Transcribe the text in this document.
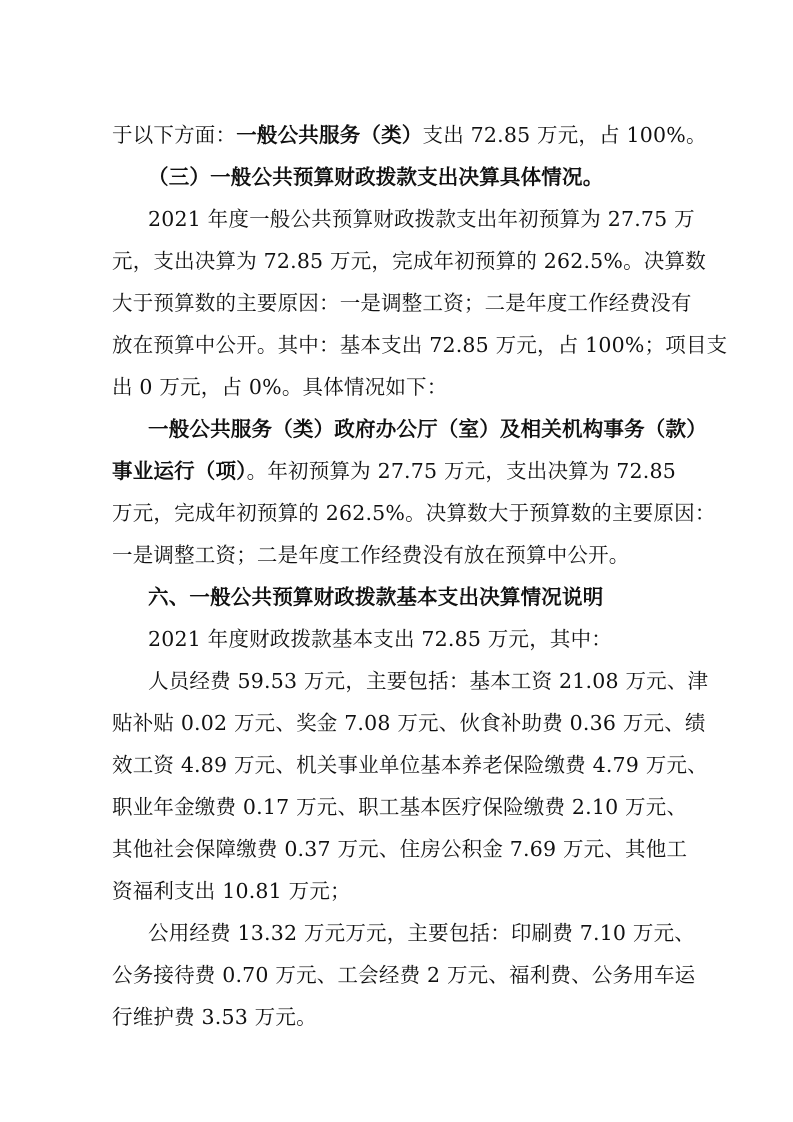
于以下方面：一般公共服务（类）支出 72.85 万元，占 100%。
（三）一般公共预算财政拨款支出决算具体情况。
2021 年度一般公共预算财政拨款支出年初预算为 27.75 万
元，支出决算为 72.85 万元，完成年初预算的 262.5%。决算数
大于预算数的主要原因：一是调整工资；二是年度工作经费没有
放在预算中公开。其中：基本支出 72.85 万元，占 100%；项目支
出 0 万元，占 0%。具体情况如下：
一般公共服务（类）政府办公厅（室）及相关机构事务（款）
事业运行（项）。年初预算为 27.75 万元，支出决算为 72.85
万元，完成年初预算的 262.5%。决算数大于预算数的主要原因：
一是调整工资；二是年度工作经费没有放在预算中公开。
六、一般公共预算财政拨款基本支出决算情况说明
2021 年度财政拨款基本支出 72.85 万元，其中：
人员经费 59.53 万元，主要包括：基本工资 21.08 万元、津
贴补贴 0.02 万元、奖金 7.08 万元、伙食补助费 0.36 万元、绩
效工资 4.89 万元、机关事业单位基本养老保险缴费 4.79 万元、
职业年金缴费 0.17 万元、职工基本医疗保险缴费 2.10 万元、
其他社会保障缴费 0.37 万元、住房公积金 7.69 万元、其他工
资福利支出 10.81 万元；
公用经费 13.32 万元万元，主要包括：印刷费 7.10 万元、
公务接待费 0.70 万元、工会经费 2 万元、福利费、公务用车运
行维护费 3.53 万元。
